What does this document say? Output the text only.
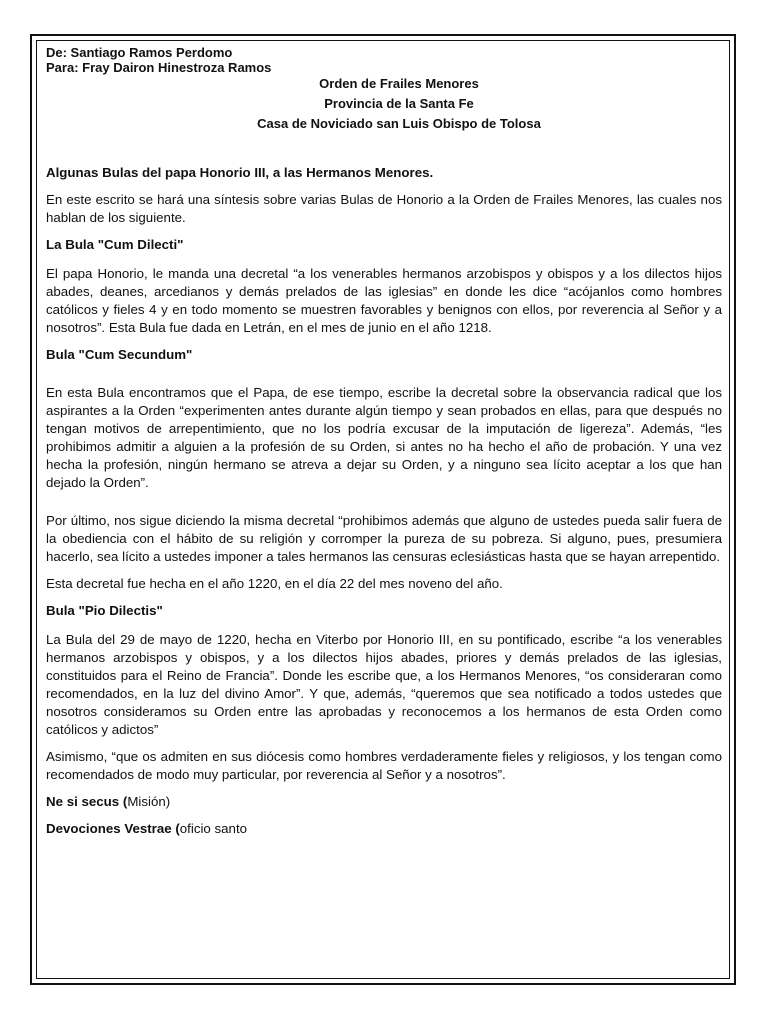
De: Santiago Ramos Perdomo
Para: Fray Dairon Hinestroza Ramos
Orden de Frailes Menores
Provincia de la Santa Fe
Casa de Noviciado san Luis Obispo de Tolosa
Algunas Bulas del papa Honorio III, a las Hermanos Menores.

En este escrito se hará una síntesis sobre varias Bulas de Honorio a la Orden de Frailes Menores, las cuales nos hablan de los siguiente.

La Bula "Cum Dilecti"

El papa Honorio, le manda una decretal “a los venerables hermanos arzobispos y obispos y a los dilectos hijos abades, deanes, arcedianos y demás prelados de las iglesias” en donde les dice “acójanlos como hombres católicos y fieles 4 y en todo momento se muestren favorables y benignos con ellos, por reverencia al Señor y a nosotros”. Esta Bula fue dada en Letrán, en el mes de junio en el año 1218.

Bula "Cum Secundum"

En esta Bula encontramos que el Papa, de ese tiempo, escribe la decretal sobre la observancia radical que los aspirantes a la Orden “experimenten antes durante algún tiempo y sean probados en ellas, para que después no tengan motivos de arrepentimiento, que no los podría excusar de la imputación de ligereza”. Además, “les prohibimos admitir a alguien a la profesión de su Orden, si antes no ha hecho el año de probación. Y una vez hecha la profesión, ningún hermano se atreva a dejar su Orden, y a ninguno sea lícito aceptar a los que han dejado la Orden”.

Por último, nos sigue diciendo la misma decretal “prohibimos además que alguno de ustedes pueda salir fuera de la obediencia con el hábito de su religión y corromper la pureza de su pobreza. Si alguno, pues, presumiera hacerlo, sea lícito a ustedes imponer a tales hermanos las censuras eclesiásticas hasta que se hayan arrepentido.

Esta decretal fue hecha en el año 1220, en el día 22 del mes noveno del año.

Bula "Pio Dilectis"

La Bula del 29 de mayo de 1220, hecha en Viterbo por Honorio III, en su pontificado, escribe “a los venerables hermanos arzobispos y obispos, y a los dilectos hijos abades, priores y demás prelados de las iglesias, constituidos para el Reino de Francia”. Donde les escribe que, a los Hermanos Menores, “os consideraran como recomendados, en la luz del divino Amor”. Y que, además, “queremos que sea notificado a todos ustedes que nosotros consideramos su Orden entre las aprobadas y reconocemos a los hermanos de esta Orden como católicos y adictos”

Asimismo, “que os admiten en sus diócesis como hombres verdaderamente fieles y religiosos, y los tengan como recomendados de modo muy particular, por reverencia al Señor y a nosotros”.

Ne si secus (Misión)
Devociones Vestrae (oficio santo
